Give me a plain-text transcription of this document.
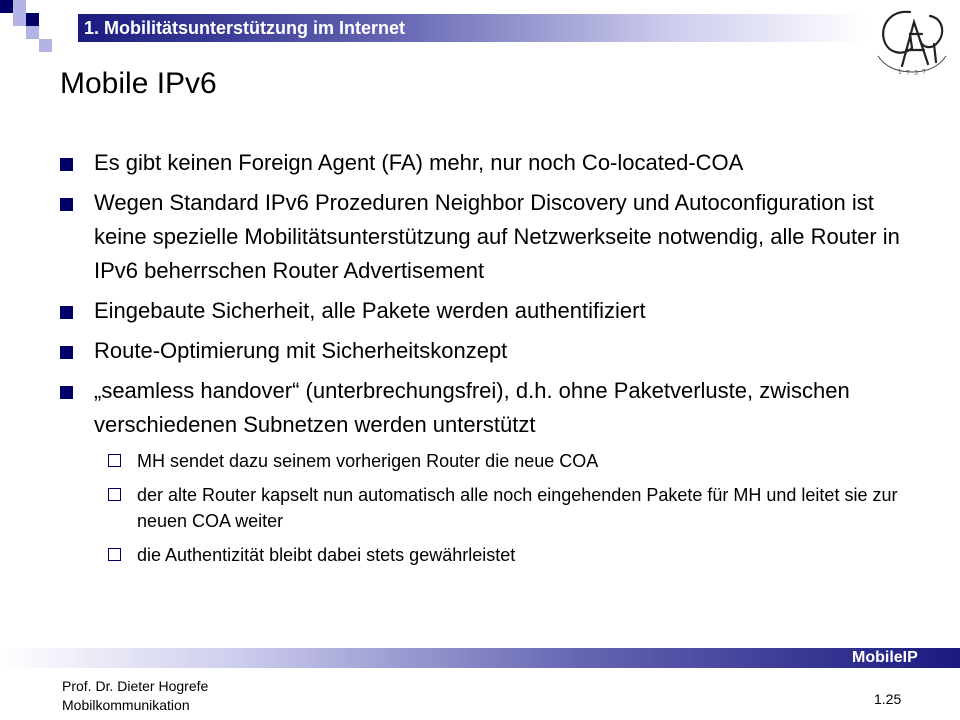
1. Mobilitätsunterstützung im Internet
1 7 3 7
Mobile IPv6
Es gibt keinen Foreign Agent (FA) mehr, nur noch Co-located-COA
Wegen Standard IPv6 Prozeduren Neighbor Discovery und Autoconfiguration ist keine spezielle Mobilitätsunterstützung auf Netzwerkseite notwendig, alle Router in IPv6 beherrschen Router Advertisement
Eingebaute Sicherheit, alle Pakete werden authentifiziert
Route-Optimierung mit Sicherheitskonzept
„seamless handover“ (unterbrechungsfrei), d.h. ohne Paketverluste, zwischen verschiedenen Subnetzen werden unterstützt
MH sendet dazu seinem vorherigen Router die neue COA
der alte Router kapselt nun automatisch alle noch eingehenden Pakete für MH und leitet sie zur neuen COA weiter
die Authentizität bleibt dabei stets gewährleistet
MobileIP
Prof. Dr. Dieter Hogrefe
Mobilkommunikation	1.25
